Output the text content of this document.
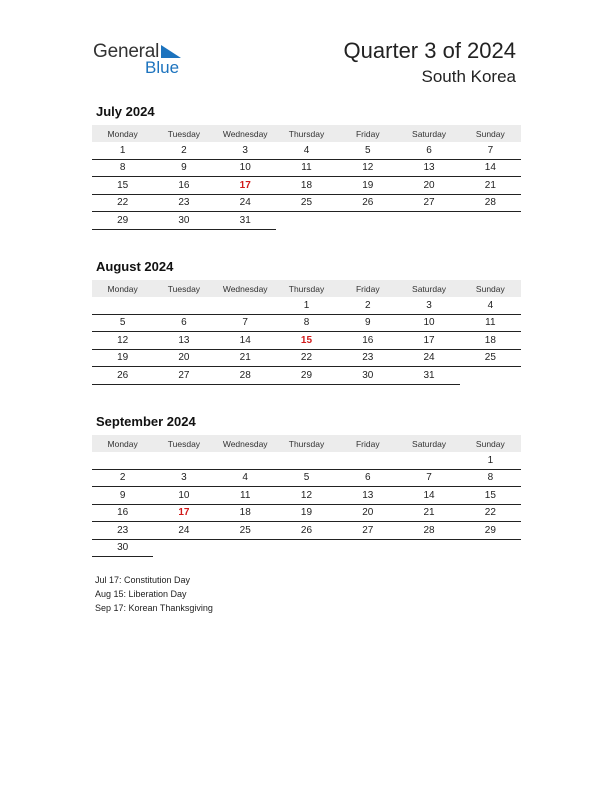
General
Blue
Quarter 3 of 2024
South Korea
July 2024
Monday	Tuesday	Wednesday	Thursday	Friday	Saturday	Sunday

1	2	3	4	5	6	7
8	9	10	11	12	13	14
15	16	17	18	19	20	21
22	23	24	25	26	27	28
29	30	31				
August 2024
Monday	Tuesday	Wednesday	Thursday	Friday	Saturday	Sunday

			1	2	3	4
5	6	7	8	9	10	11
12	13	14	15	16	17	18
19	20	21	22	23	24	25
26	27	28	29	30	31	
September 2024
Monday	Tuesday	Wednesday	Thursday	Friday	Saturday	Sunday

						1
2	3	4	5	6	7	8
9	10	11	12	13	14	15
16	17	18	19	20	21	22
23	24	25	26	27	28	29
30						
Jul 17: Constitution Day
Aug 15: Liberation Day
Sep 17: Korean Thanksgiving
